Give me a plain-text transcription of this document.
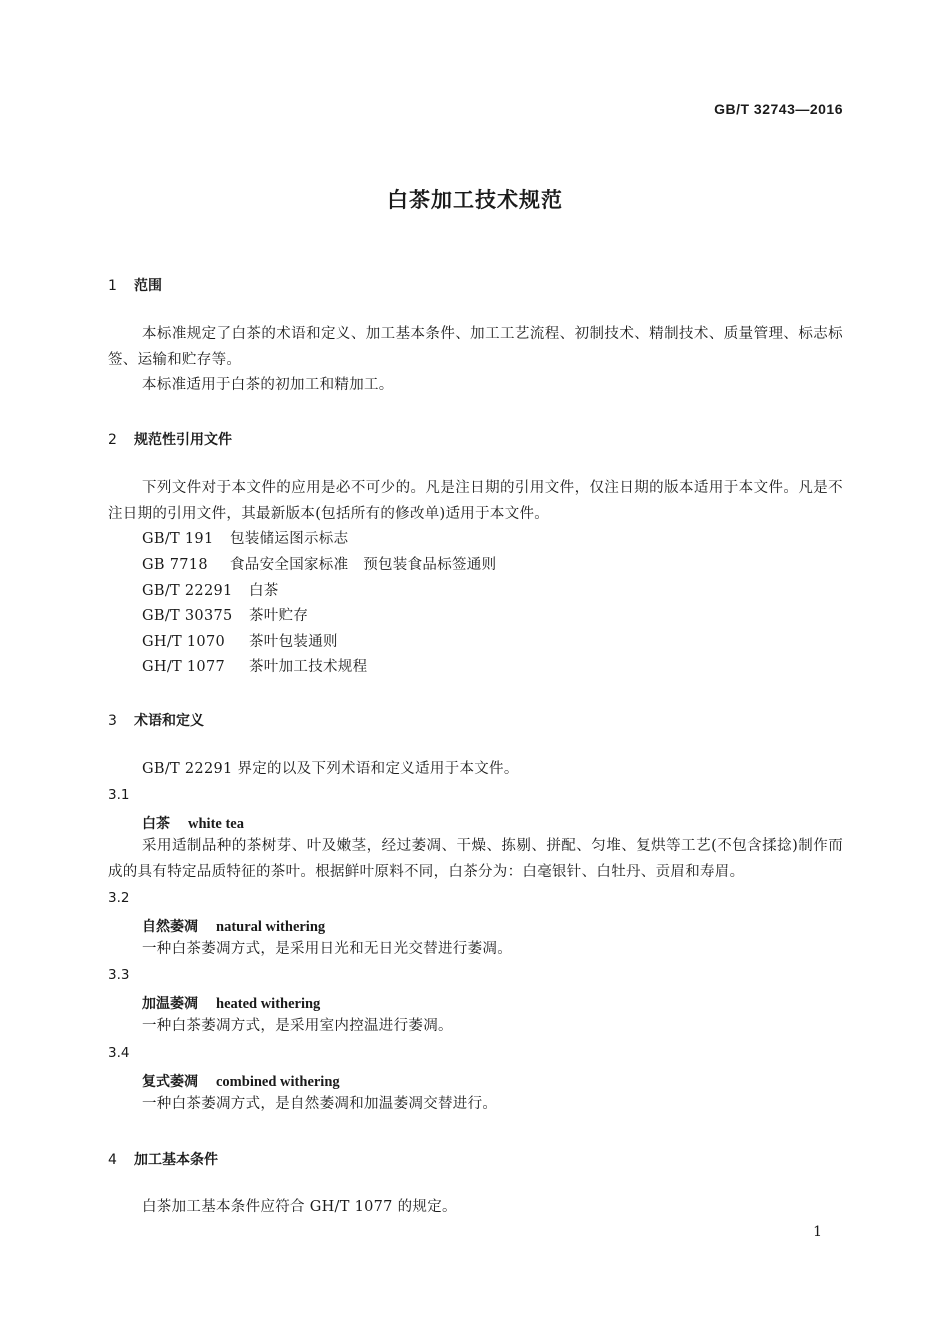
GB/T 32743—2016
白茶加工技术规范
1 范围
本标准规定了白茶的术语和定义、加工基本条件、加工工艺流程、初制技术、精制技术、质量管理、标志标签、运输和贮存等。
本标准适用于白茶的初加工和精加工。
2 规范性引用文件
下列文件对于本文件的应用是必不可少的。凡是注日期的引用文件，仅注日期的版本适用于本文件。凡是不注日期的引用文件，其最新版本(包括所有的修改单)适用于本文件。
GB/T 191 包装储运图示标志
GB 7718 食品安全国家标准　预包装食品标签通则
GB/T 22291 白茶
GB/T 30375 茶叶贮存
GH/T 1070 茶叶包装通则
GH/T 1077 茶叶加工技术规程
3 术语和定义
GB/T 22291 界定的以及下列术语和定义适用于本文件。
3.1
白茶 white tea
采用适制品种的茶树芽、叶及嫩茎，经过萎凋、干燥、拣剔、拼配、匀堆、复烘等工艺(不包含揉捻)制作而成的具有特定品质特征的茶叶。根据鲜叶原料不同，白茶分为：白毫银针、白牡丹、贡眉和寿眉。
3.2
自然萎凋 natural withering
一种白茶萎凋方式，是采用日光和无日光交替进行萎凋。
3.3
加温萎凋 heated withering
一种白茶萎凋方式，是采用室内控温进行萎凋。
3.4
复式萎凋 combined withering
一种白茶萎凋方式，是自然萎凋和加温萎凋交替进行。
4 加工基本条件
白茶加工基本条件应符合 GH/T 1077 的规定。
1
